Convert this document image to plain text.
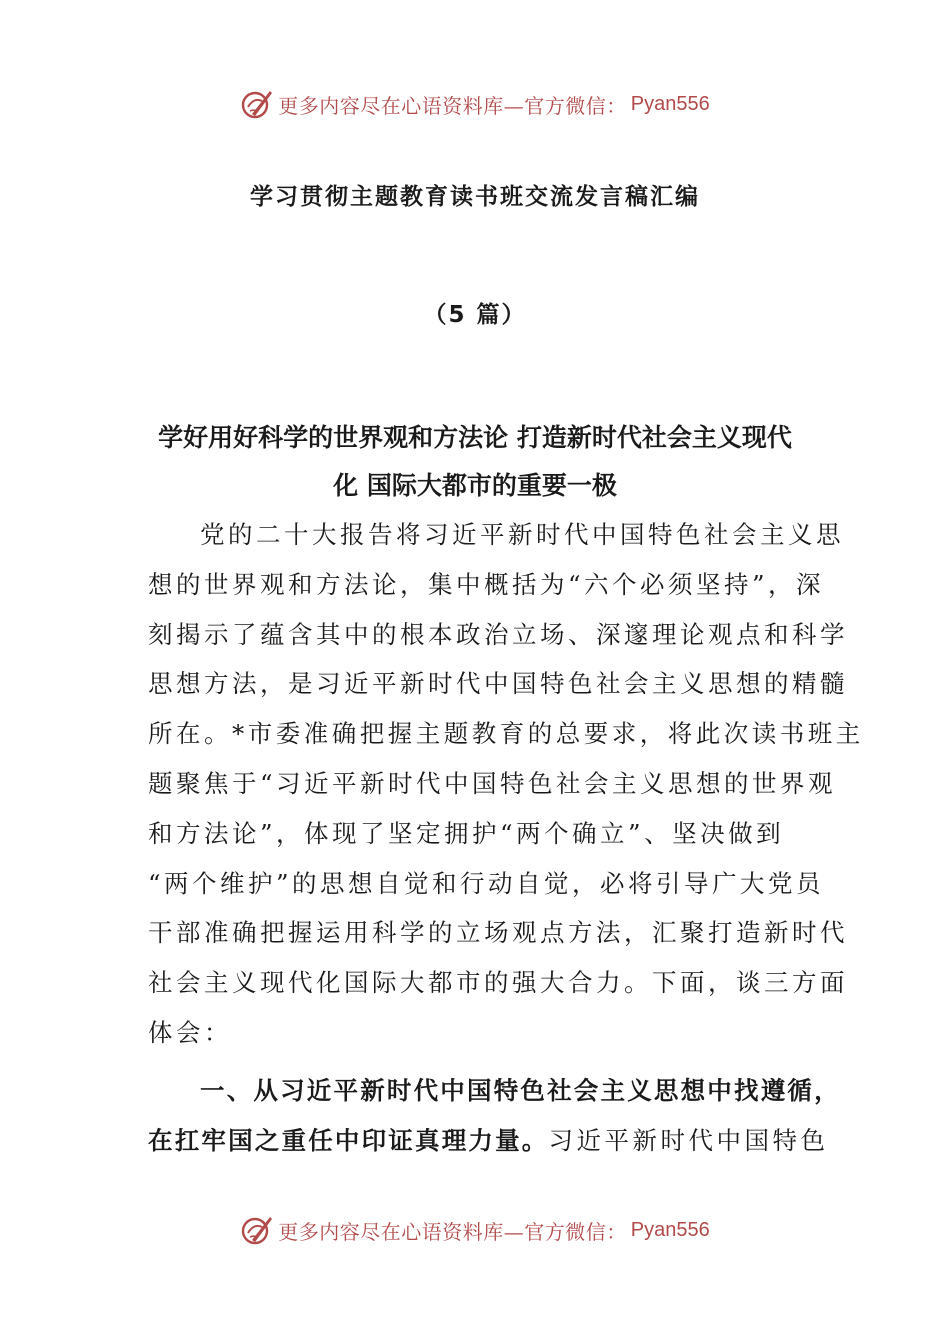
更多内容尽在心语资料库—官方微信： Pyan556
学习贯彻主题教育读书班交流发言稿汇编
（5 篇）
学好用好科学的世界观和方法论 打造新时代社会主义现代
化 国际大都市的重要一极
党的二十大报告将习近平新时代中国特色社会主义思
想的世界观和方法论，集中概括为“六个必须坚持”，深
刻揭示了蕴含其中的根本政治立场、深邃理论观点和科学
思想方法，是习近平新时代中国特色社会主义思想的精髓
所在。*市委准确把握主题教育的总要求，将此次读书班主
题聚焦于“习近平新时代中国特色社会主义思想的世界观
和方法论”，体现了坚定拥护“两个确立”、坚决做到
“两个维护”的思想自觉和行动自觉，必将引导广大党员
干部准确把握运用科学的立场观点方法，汇聚打造新时代
社会主义现代化国际大都市的强大合力。下面，谈三方面
体会：
一、从习近平新时代中国特色社会主义思想中找遵循，
在扛牢国之重任中印证真理力量。习近平新时代中国特色
更多内容尽在心语资料库—官方微信： Pyan556
